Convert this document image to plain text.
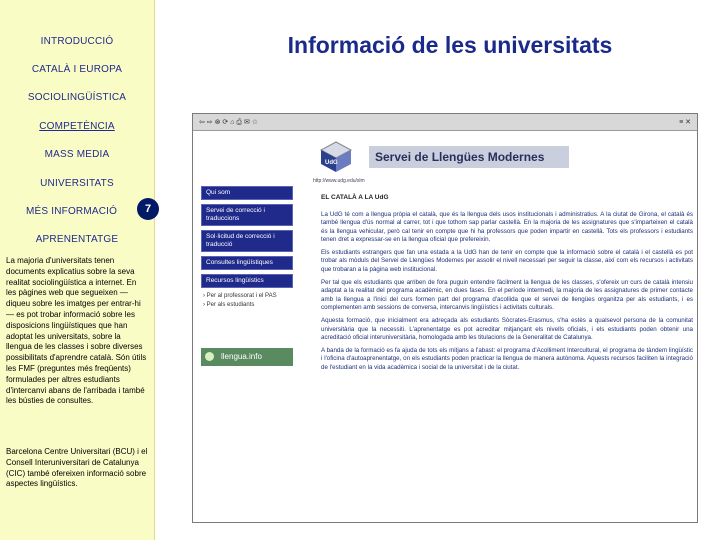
INTRODUCCIÓ
CATALÀ I EUROPA
SOCIOLINGÜÍSTICA
COMPETÈNCIA
MASS MEDIA
UNIVERSITATS
MÉS INFORMACIÓ
APRENENTATGE
La majoria d'universitats tenen documents explicatius sobre la seva realitat sociolingüística a internet. En les pàgines web que segueixen —diqueu sobre les imatges per entrar-hi— es pot trobar informació sobre les disposicions lingüístiques que han adoptat les universitats, sobre la llengua de les classes i sobre diverses possibilitats d'aprendre català. Són útils les FMF (preguntes més freqüents) formulades per altres estudiants d'intercanvi abans de l'arribada i també les bústies de consultes.
Barcelona Centre Universitari (BCU) i el Consell Interuniversitari de Catalunya (CIC) també ofereixen informació sobre aspectes lingüístics.
7
Informació de les universitats
⇦ ⇨ ⊗ ⟳ ⌂ ⎙ ✉ ☆	≡ ✕
UdG	Servei de Llengües Modernes
http://www.udg.edu/slm
Qui som
Servei de correcció i traduccions
Sol·licitud de correcció i traducció
Consultes lingüístiques
Recursos lingüístics
› Per al professorat i el PAS
› Per als estudiants
llengua.info
EL CATALÀ A LA UdG

La UdG té com a llengua pròpia el català, que és la llengua dels usos institucionals i administratius. A la ciutat de Girona, el català és també llengua d'ús normal al carrer, tot i que tothom sap parlar castellà. En la majoria de les assignatures que s'imparteixen el català és la llengua vehicular, però cal tenir en compte que hi ha professors que poden impartir en castellà. Tots els professors i estudiants tenen dret a expressar-se en la llengua oficial que prefereixin.

Els estudiants estrangers que fan una estada a la UdG han de tenir en compte que la informació sobre el català i el castellà es pot trobar als mòduls del Servei de Llengües Modernes per assolir el nivell necessari per seguir la classe, així com els recursos i activitats que trobaran a la pàgina web institucional.

Per tal que els estudiants que arriben de fora puguin entendre fàcilment la llengua de les classes, s'ofereix un curs de català intensiu adaptat a la realitat del programa acadèmic, en dues fases. En el període intermedi, la majoria de les assignatures de primer contacte amb la llengua a l'inici del curs formen part del programa d'acollida que el servei de llengües organitza per als estudiants, i es complementen amb sessions de conversa, intercanvis lingüístics i activitats culturals.

Aquesta formació, que inicialment era adreçada als estudiants Sòcrates-Erasmus, s'ha estès a qualsevol persona de la comunitat universitària que la necessiti. L'aprenentatge es pot acreditar mitjançant els nivells oficials, i els estudiants poden obtenir una acreditació oficial interuniversitària, homologada amb les titulacions de la Generalitat de Catalunya.

A banda de la formació es fa ajuda de tots els mitjans a l'abast: el programa d'Acolliment Intercultural, el programa de tàndem lingüístic i l'oficina d'autoaprenentatge, on els estudiants poden practicar la llengua de manera autònoma. Aquests recursos faciliten la integració de l'estudiant en la vida acadèmica i social de la universitat i de la ciutat.
